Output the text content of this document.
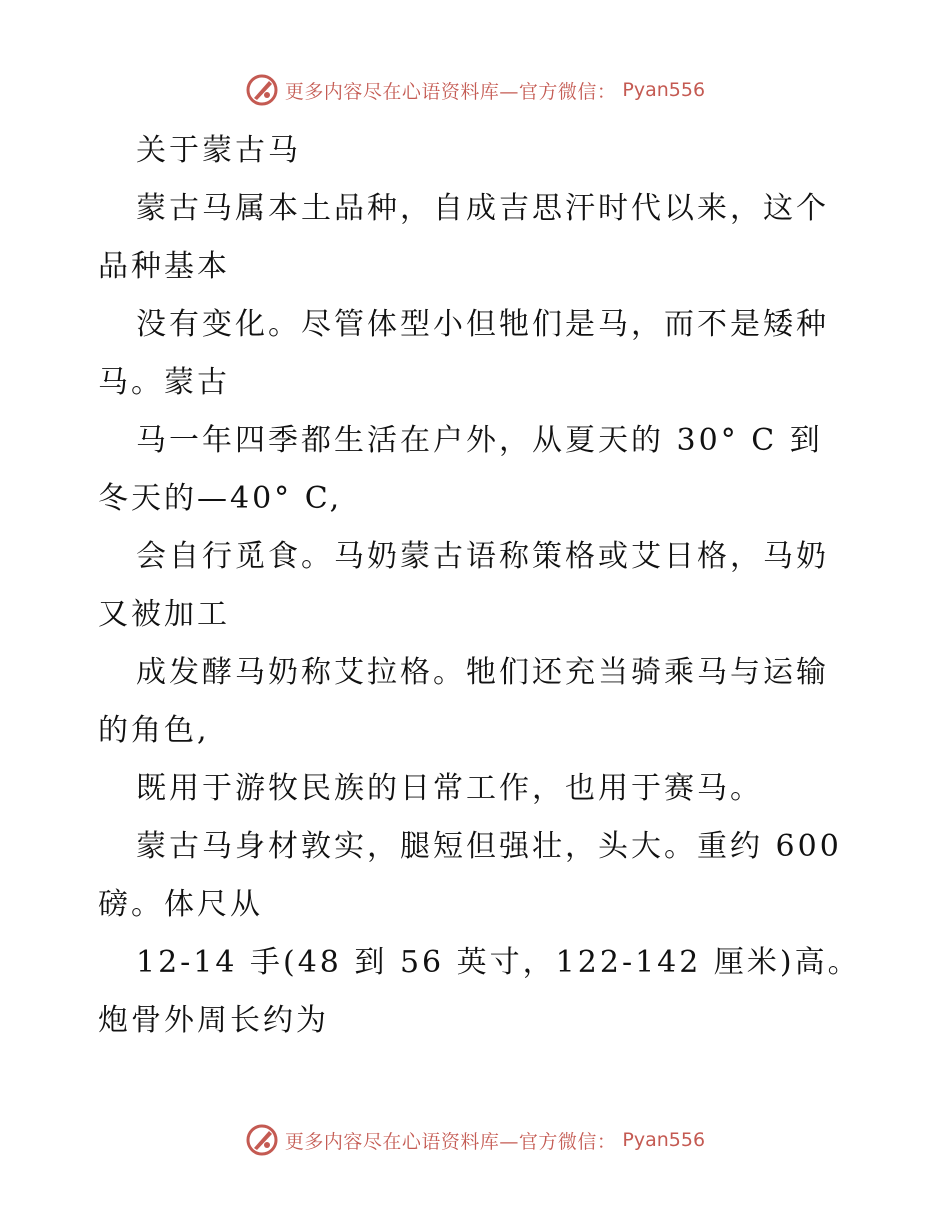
更多内容尽在心语资料库—官方微信： Pyan556
关于蒙古马
蒙古马属本土品种，自成吉思汗时代以来，这个
品种基本
没有变化。尽管体型小但牠们是马，而不是矮种
马。蒙古
马一年四季都生活在户外，从夏天的 30° C 到
冬天的—40° C,
会自行觅食。马奶蒙古语称策格或艾日格，马奶
又被加工
成发酵马奶称艾拉格。牠们还充当骑乘马与运输
的角色,
既用于游牧民族的日常工作，也用于赛马。
蒙古马身材敦实，腿短但强壮，头大。重约 600
磅。体尺从
12-14 手(48 到 56 英寸，122-142 厘米)高。
炮骨外周长约为
更多内容尽在心语资料库—官方微信： Pyan556
